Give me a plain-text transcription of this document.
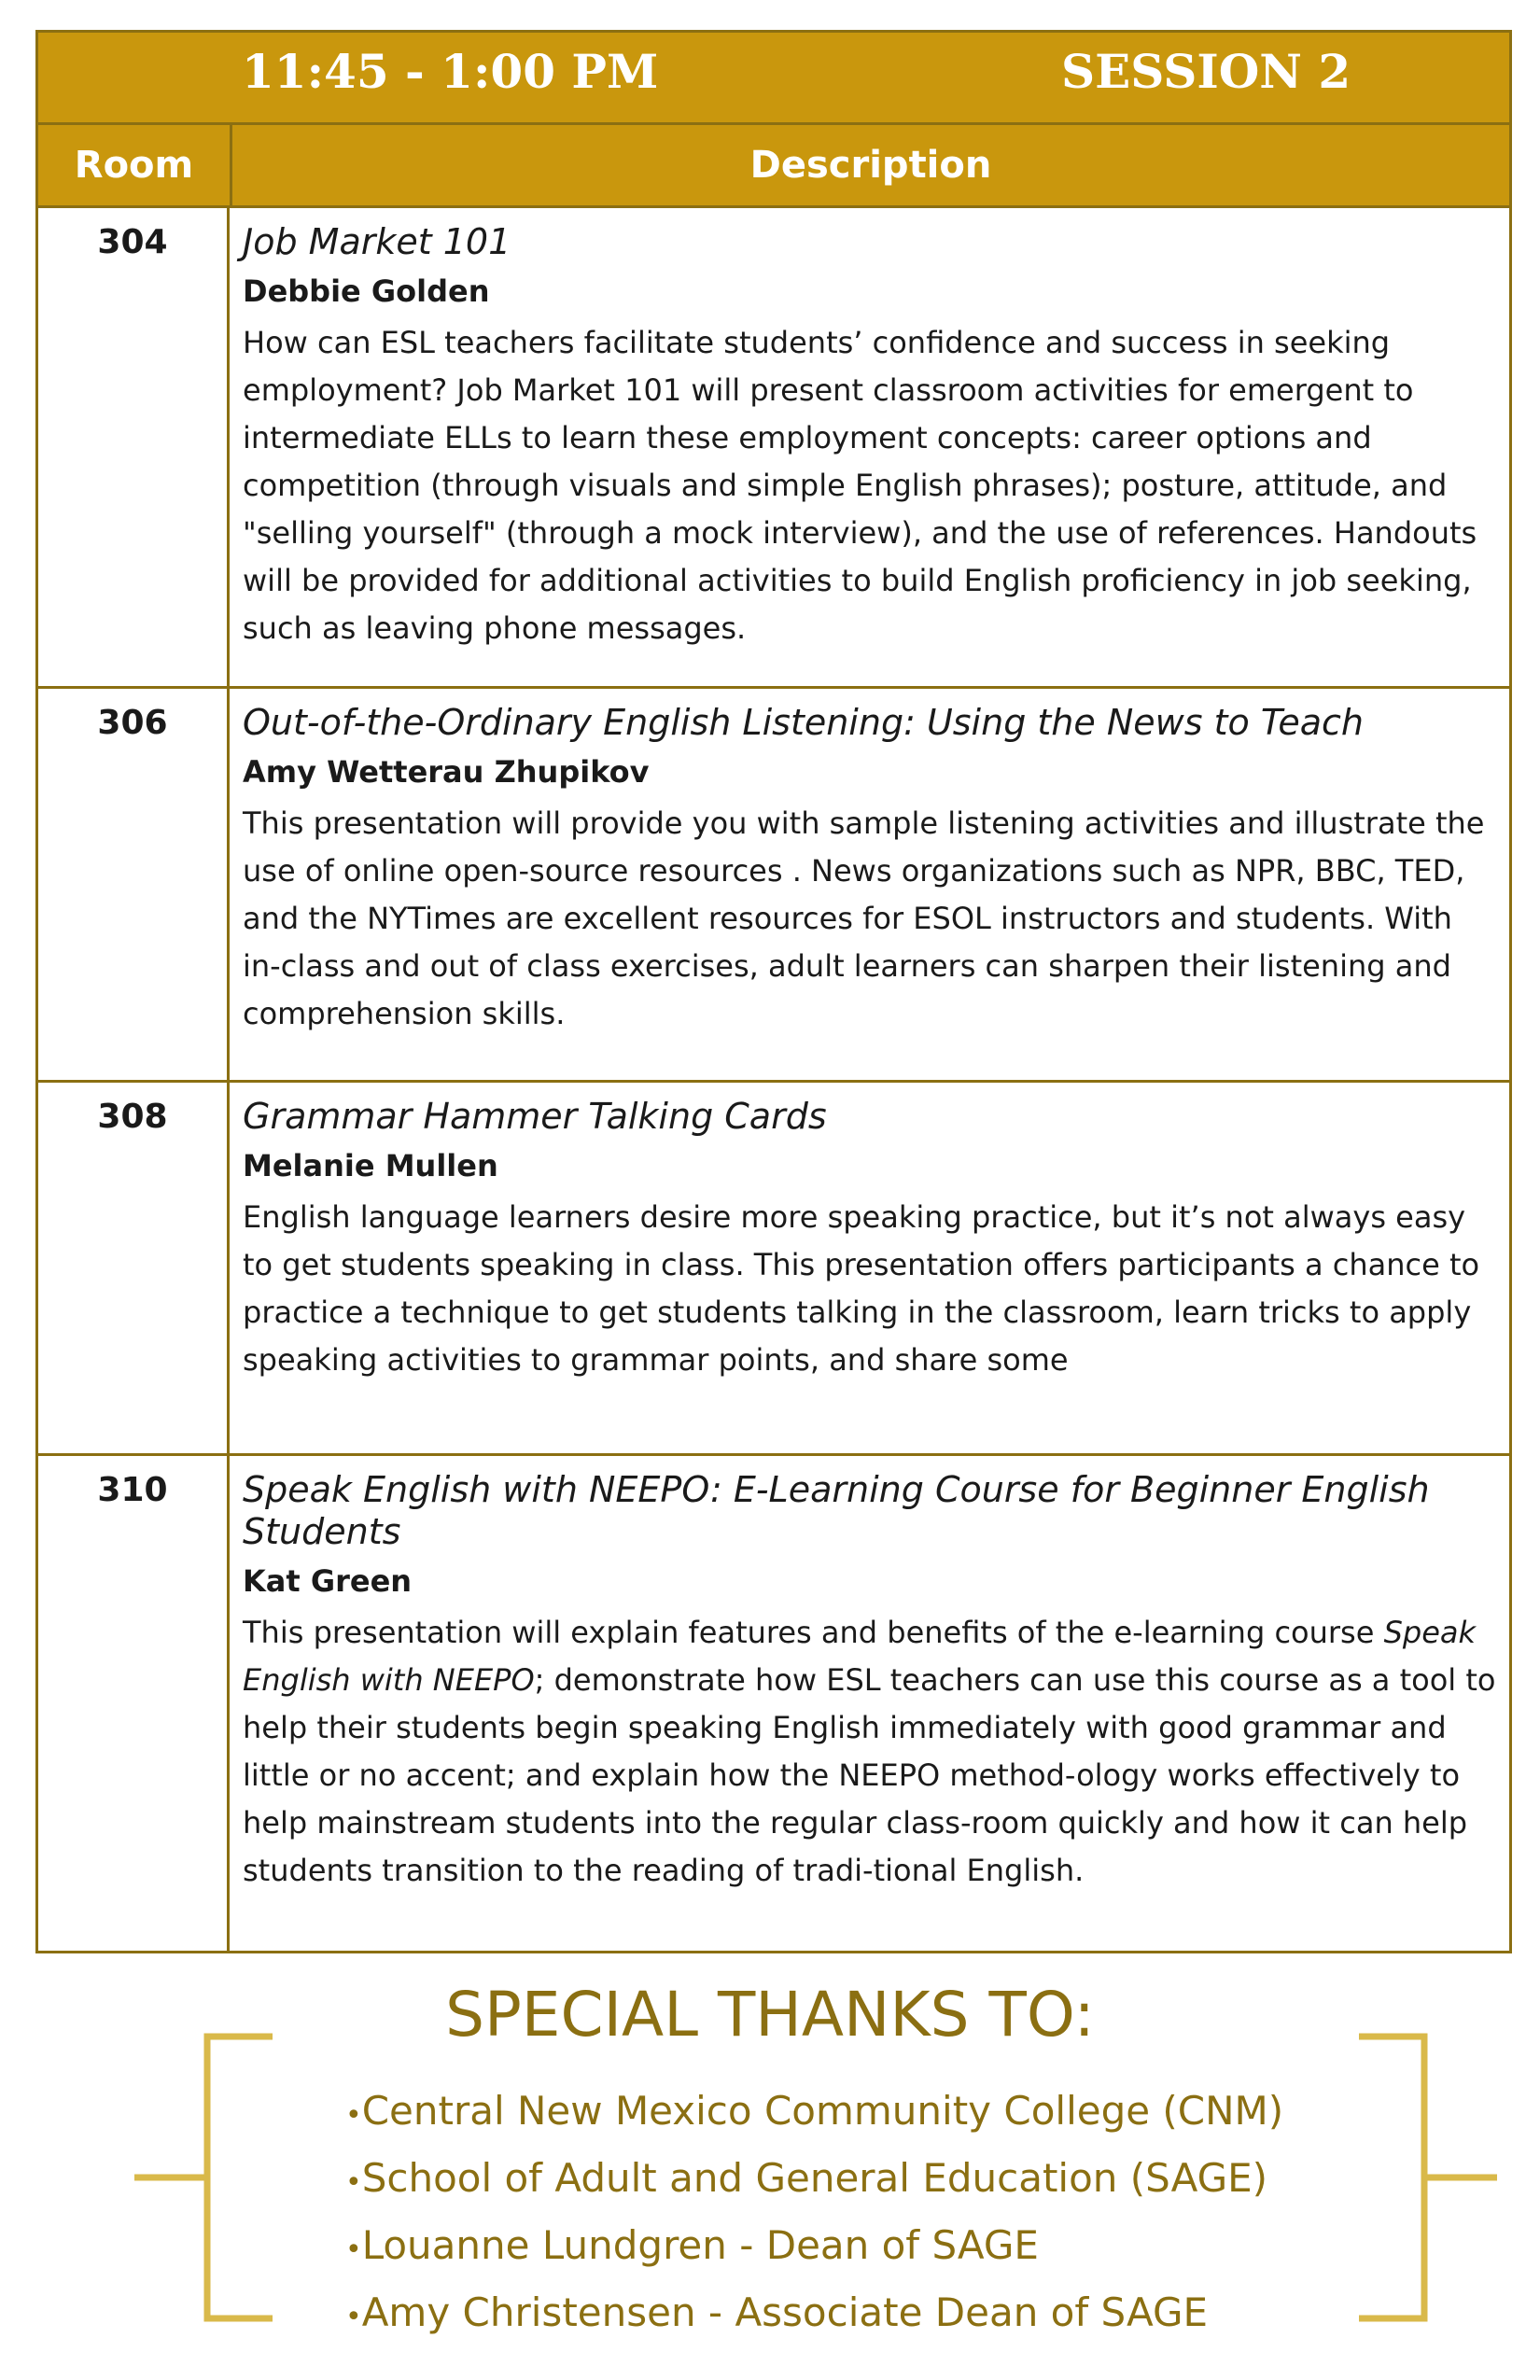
11:45 - 1:00 PM	SESSION 2
Room	Description
304	Job Market 101
Debbie Golden
How can ESL teachers facilitate students’ confidence and success in seeking employment? Job Market 101 will present classroom activities for emergent to intermediate ELLs to learn these employment concepts: career options and competition (through visuals and simple English phrases); posture, attitude, and "selling yourself" (through a mock interview), and the use of references. Handouts will be provided for additional activities to build English proficiency in job seeking, such as leaving phone messages.
306	Out-of-the-Ordinary English Listening: Using the News to Teach
Amy Wetterau Zhupikov
This presentation will provide you with sample listening activities and illustrate the use of online open-source resources . News organizations such as NPR, BBC, TED, and the NYTimes are excellent resources for ESOL instructors and students. With in-class and out of class exercises, adult learners can sharpen their listening and comprehension skills.
308	Grammar Hammer Talking Cards
Melanie Mullen
English language learners desire more speaking practice, but it’s not always easy to get students speaking in class. This presentation offers participants a chance to practice a technique to get students talking in the classroom, learn tricks to apply speaking activities to grammar points, and share some
310	Speak English with NEEPO: E-Learning Course for Beginner English Students
Kat Green
This presentation will explain features and benefits of the e-learning course Speak English with NEEPO; demonstrate how ESL teachers can use this course as a tool to help their students begin speaking English immediately with good grammar and little or no accent; and explain how the NEEPO method-ology works effectively to help mainstream students into the regular class-room quickly and how it can help students transition to the reading of tradi-tional English.
SPECIAL THANKS TO:
•Central New Mexico Community College (CNM)
•School of Adult and General Education (SAGE)
•Louanne Lundgren - Dean of SAGE
•Amy Christensen - Associate Dean of SAGE
